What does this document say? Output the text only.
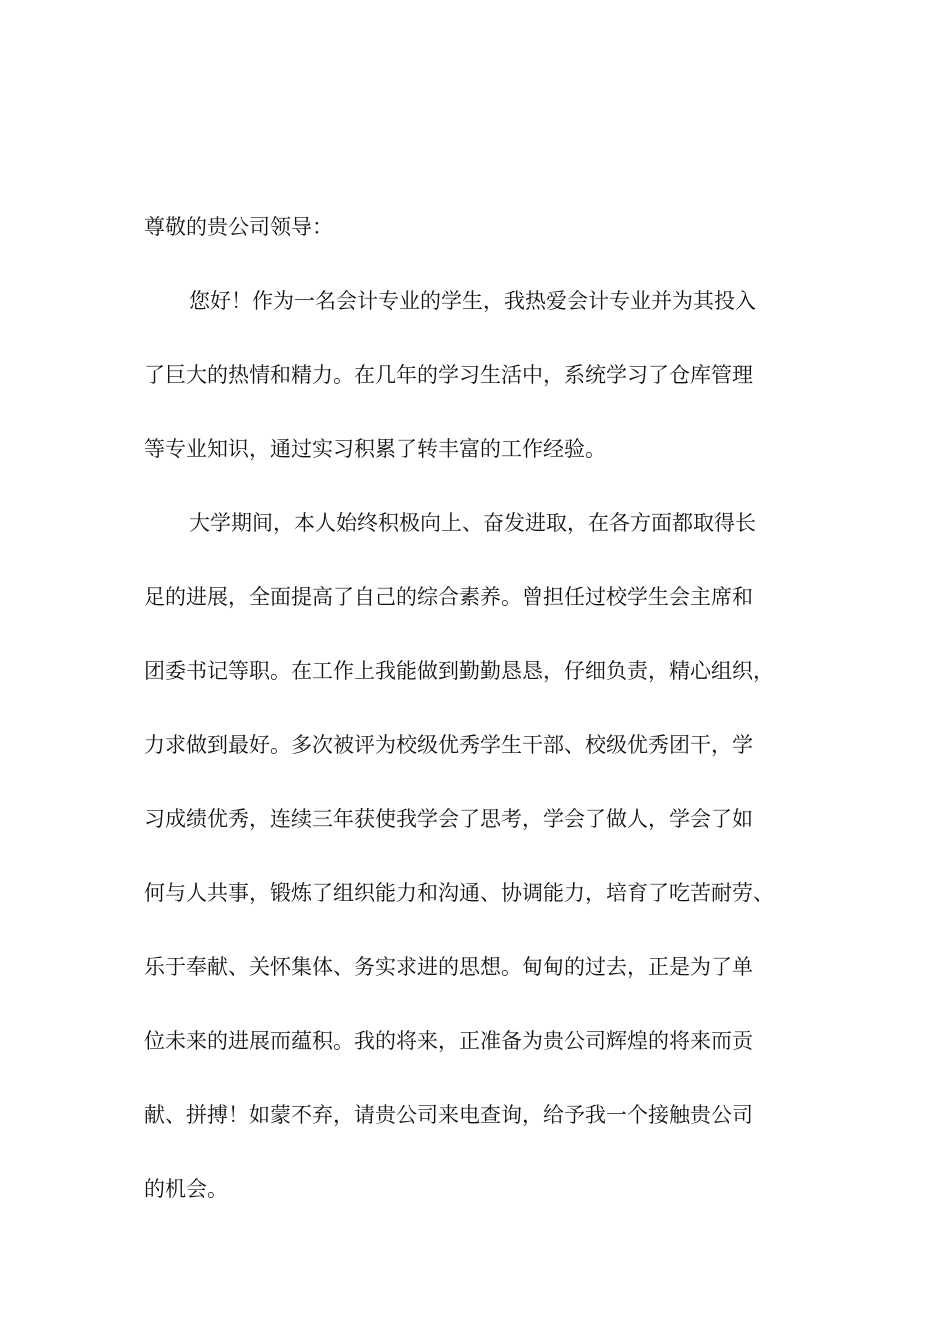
尊敬的贵公司领导：
您好！作为一名会计专业的学生，我热爱会计专业并为其投入
了巨大的热情和精力。在几年的学习生活中，系统学习了仓库管理
等专业知识，通过实习积累了转丰富的工作经验。
大学期间，本人始终积极向上、奋发进取，在各方面都取得长
足的进展，全面提高了自己的综合素养。曾担任过校学生会主席和
团委书记等职。在工作上我能做到勤勤恳恳，仔细负责，精心组织，
力求做到最好。多次被评为校级优秀学生干部、校级优秀团干，学
习成绩优秀，连续三年获使我学会了思考，学会了做人，学会了如
何与人共事，锻炼了组织能力和沟通、协调能力，培育了吃苦耐劳、
乐于奉献、关怀集体、务实求进的思想。甸甸的过去，正是为了单
位未来的进展而蕴积。我的将来，正准备为贵公司辉煌的将来而贡
献、拼搏！如蒙不弃，请贵公司来电查询，给予我一个接触贵公司
的机会。
